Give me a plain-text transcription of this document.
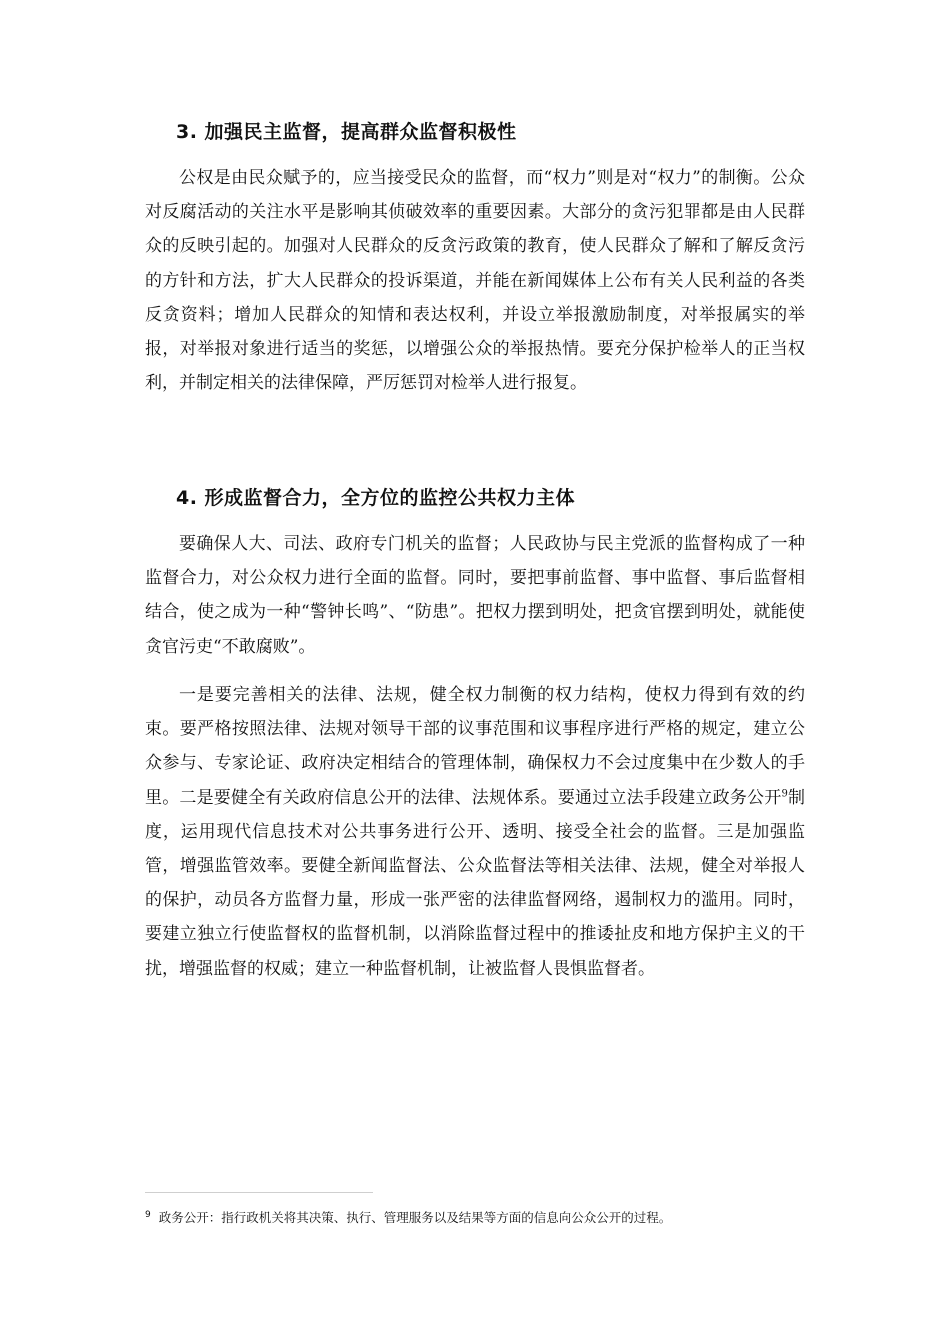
3. 加强民主监督，提高群众监督积极性

公权是由民众赋予的，应当接受民众的监督，而“权力”则是对“权力”的制衡。公众对反腐活动的关注水平是影响其侦破效率的重要因素。大部分的贪污犯罪都是由人民群众的反映引起的。加强对人民群众的反贪污政策的教育，使人民群众了解和了解反贪污的方针和方法，扩大人民群众的投诉渠道，并能在新闻媒体上公布有关人民利益的各类反贪资料；增加人民群众的知情和表达权利，并设立举报激励制度，对举报属实的举报，对举报对象进行适当的奖惩，以增强公众的举报热情。要充分保护检举人的正当权利，并制定相关的法律保障，严厉惩罚对检举人进行报复。

4. 形成监督合力，全方位的监控公共权力主体

要确保人大、司法、政府专门机关的监督；人民政协与民主党派的监督构成了一种监督合力，对公众权力进行全面的监督。同时，要把事前监督、事中监督、事后监督相结合，使之成为一种“警钟长鸣”、“防患”。把权力摆到明处，把贪官摆到明处，就能使贪官污吏“不敢腐败”。

一是要完善相关的法律、法规，健全权力制衡的权力结构，使权力得到有效的约束。要严格按照法律、法规对领导干部的议事范围和议事程序进行严格的规定，建立公众参与、专家论证、政府决定相结合的管理体制，确保权力不会过度集中在少数人的手里。二是要健全有关政府信息公开的法律、法规体系。要通过立法手段建立政务公开$^9$制度，运用现代信息技术对公共事务进行公开、透明、接受全社会的监督。三是加强监管，增强监管效率。要健全新闻监督法、公众监督法等相关法律、法规，健全对举报人的保护，动员各方监督力量，形成一张严密的法律监督网络，遏制权力的滥用。同时，要建立独立行使监督权的监督机制，以消除监督过程中的推诿扯皮和地方保护主义的干扰，增强监督的权威；建立一种监督机制，让被监督人畏惧监督者。

$^9$ 政务公开：指行政机关将其决策、执行、管理服务以及结果等方面的信息向公众公开的过程。
